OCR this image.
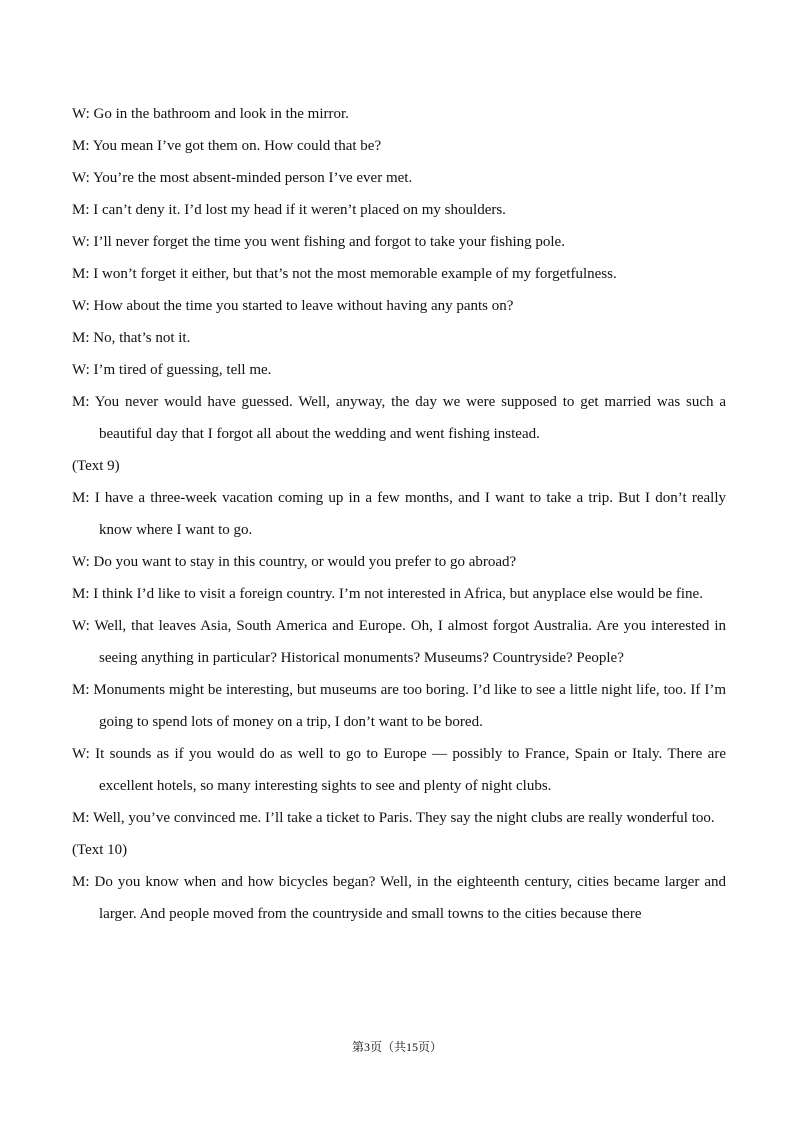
W: Go in the bathroom and look in the mirror.

M: You mean I’ve got them on. How could that be?

W: You’re the most absent-minded person I’ve ever met.

M: I can’t deny it. I’d lost my head if it weren’t placed on my shoulders.

W: I’ll never forget the time you went fishing and forgot to take your fishing pole.

M: I won’t forget it either, but that’s not the most memorable example of my forgetfulness.

W: How about the time you started to leave without having any pants on?

M: No, that’s not it.

W: I’m tired of guessing, tell me.

M: You never would have guessed. Well, anyway, the day we were supposed to get married was such a beautiful day that I forgot all about the wedding and went fishing instead.

(Text 9)

M: I have a three-week vacation coming up in a few months, and I want to take a trip. But I don’t really know where I want to go.

W: Do you want to stay in this country, or would you prefer to go abroad?

M: I think I’d like to visit a foreign country. I’m not interested in Africa, but anyplace else would be fine.

W: Well, that leaves Asia, South America and Europe. Oh, I almost forgot Australia. Are you interested in seeing anything in particular? Historical monuments? Museums? Countryside? People?

M: Monuments might be interesting, but museums are too boring. I’d like to see a little night life, too. If I’m going to spend lots of money on a trip, I don’t want to be bored.

W: It sounds as if you would do as well to go to Europe — possibly to France, Spain or Italy. There are excellent hotels, so many interesting sights to see and plenty of night clubs.

M: Well, you’ve convinced me. I’ll take a ticket to Paris. They say the night clubs are really wonderful too.

(Text 10)

M: Do you know when and how bicycles began? Well, in the eighteenth century, cities became larger and larger. And people moved from the countryside and small towns to the cities because there

第3页（共15页）
